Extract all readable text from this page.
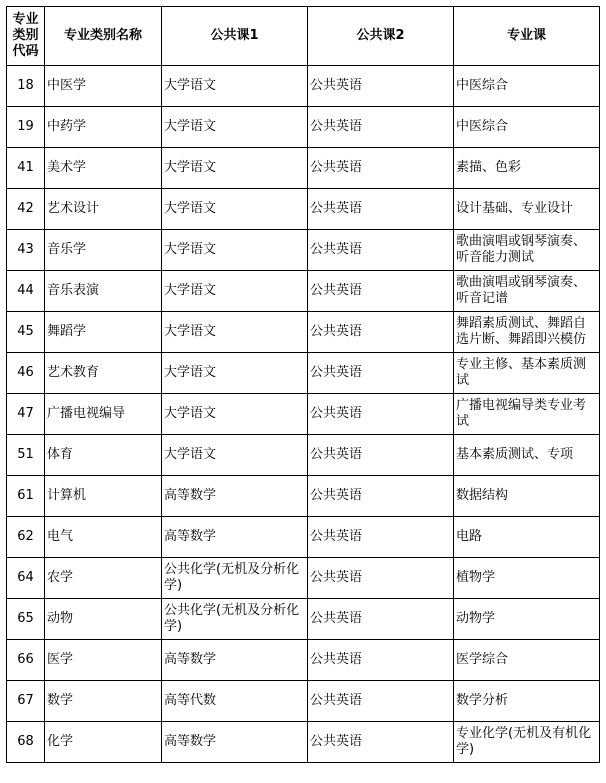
专业类别代码	专业类别名称	公共课1	公共课2	专业课
18	中医学	大学语文	公共英语	中医综合
19	中药学	大学语文	公共英语	中医综合
41	美术学	大学语文	公共英语	素描、色彩
42	艺术设计	大学语文	公共英语	设计基础、专业设计
43	音乐学	大学语文	公共英语	歌曲演唱或钢琴演奏、听音能力测试
44	音乐表演	大学语文	公共英语	歌曲演唱或钢琴演奏、听音记谱
45	舞蹈学	大学语文	公共英语	舞蹈素质测试、舞蹈自选片断、舞蹈即兴模仿
46	艺术教育	大学语文	公共英语	专业主修、基本素质测试
47	广播电视编导	大学语文	公共英语	广播电视编导类专业考试
51	体育	大学语文	公共英语	基本素质测试、专项
61	计算机	高等数学	公共英语	数据结构
62	电气	高等数学	公共英语	电路
64	农学	公共化学(无机及分析化学)	公共英语	植物学
65	动物	公共化学(无机及分析化学)	公共英语	动物学
66	医学	高等数学	公共英语	医学综合
67	数学	高等代数	公共英语	数学分析
68	化学	高等数学	公共英语	专业化学(无机及有机化学)
